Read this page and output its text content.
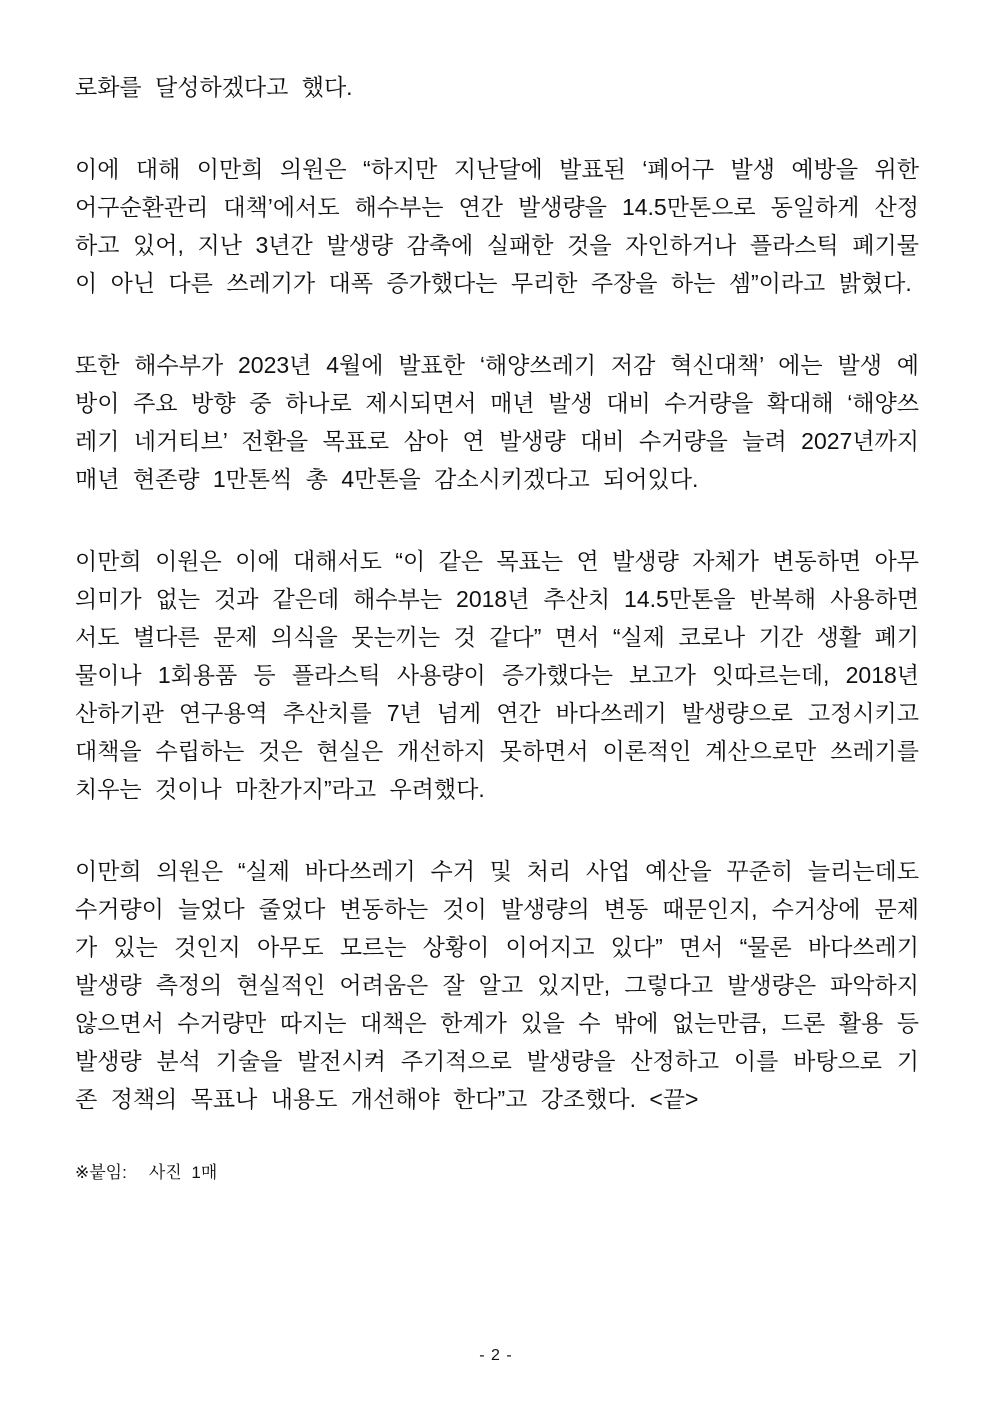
로화를 달성하겠다고 했다.

이에 대해 이만희 의원은 “하지만 지난달에 발표된 ‘폐어구 발생 예방을 위한 어구순환관리 대책’에서도 해수부는 연간 발생량을 14.5만톤으로 동일하게 산정하고 있어, 지난 3년간 발생량 감축에 실패한 것을 자인하거나 플라스틱 폐기물이 아닌 다른 쓰레기가 대폭 증가했다는 무리한 주장을 하는 셈”이라고 밝혔다.

또한 해수부가 2023년 4월에 발표한 ‘해양쓰레기 저감 혁신대책’ 에는 발생 예방이 주요 방향 중 하나로 제시되면서 매년 발생 대비 수거량을 확대해 ‘해양쓰레기 네거티브’ 전환을 목표로 삼아 연 발생량 대비 수거량을 늘려 2027년까지 매년 현존량 1만톤씩 총 4만톤을 감소시키겠다고 되어있다.

이만희 이원은 이에 대해서도 “이 같은 목표는 연 발생량 자체가 변동하면 아무 의미가 없는 것과 같은데 해수부는 2018년 추산치 14.5만톤을 반복해 사용하면서도 별다른 문제 의식을 못는끼는 것 같다” 면서 “실제 코로나 기간 생활 폐기물이나 1회용품 등 플라스틱 사용량이 증가했다는 보고가 잇따르는데, 2018년 산하기관 연구용역 추산치를 7년 넘게 연간 바다쓰레기 발생량으로 고정시키고 대책을 수립하는 것은 현실은 개선하지 못하면서 이론적인 계산으로만 쓰레기를 치우는 것이나 마찬가지”라고 우려했다.

이만희 의원은 “실제 바다쓰레기 수거 및 처리 사업 예산을 꾸준히 늘리는데도 수거량이 늘었다 줄었다 변동하는 것이 발생량의 변동 때문인지, 수거상에 문제가 있는 것인지 아무도 모르는 상황이 이어지고 있다” 면서 “물론 바다쓰레기 발생량 측정의 현실적인 어려움은 잘 알고 있지만, 그렇다고 발생량은 파악하지 않으면서 수거량만 따지는 대책은 한계가 있을 수 밖에 없는만큼, 드론 활용 등 발생량 분석 기술을 발전시켜 주기적으로 발생량을 산정하고 이를 바탕으로 기존 정책의 목표나 내용도 개선해야 한다”고 강조했다. <끝>

※붙임: 사진 1매
- 2 -
